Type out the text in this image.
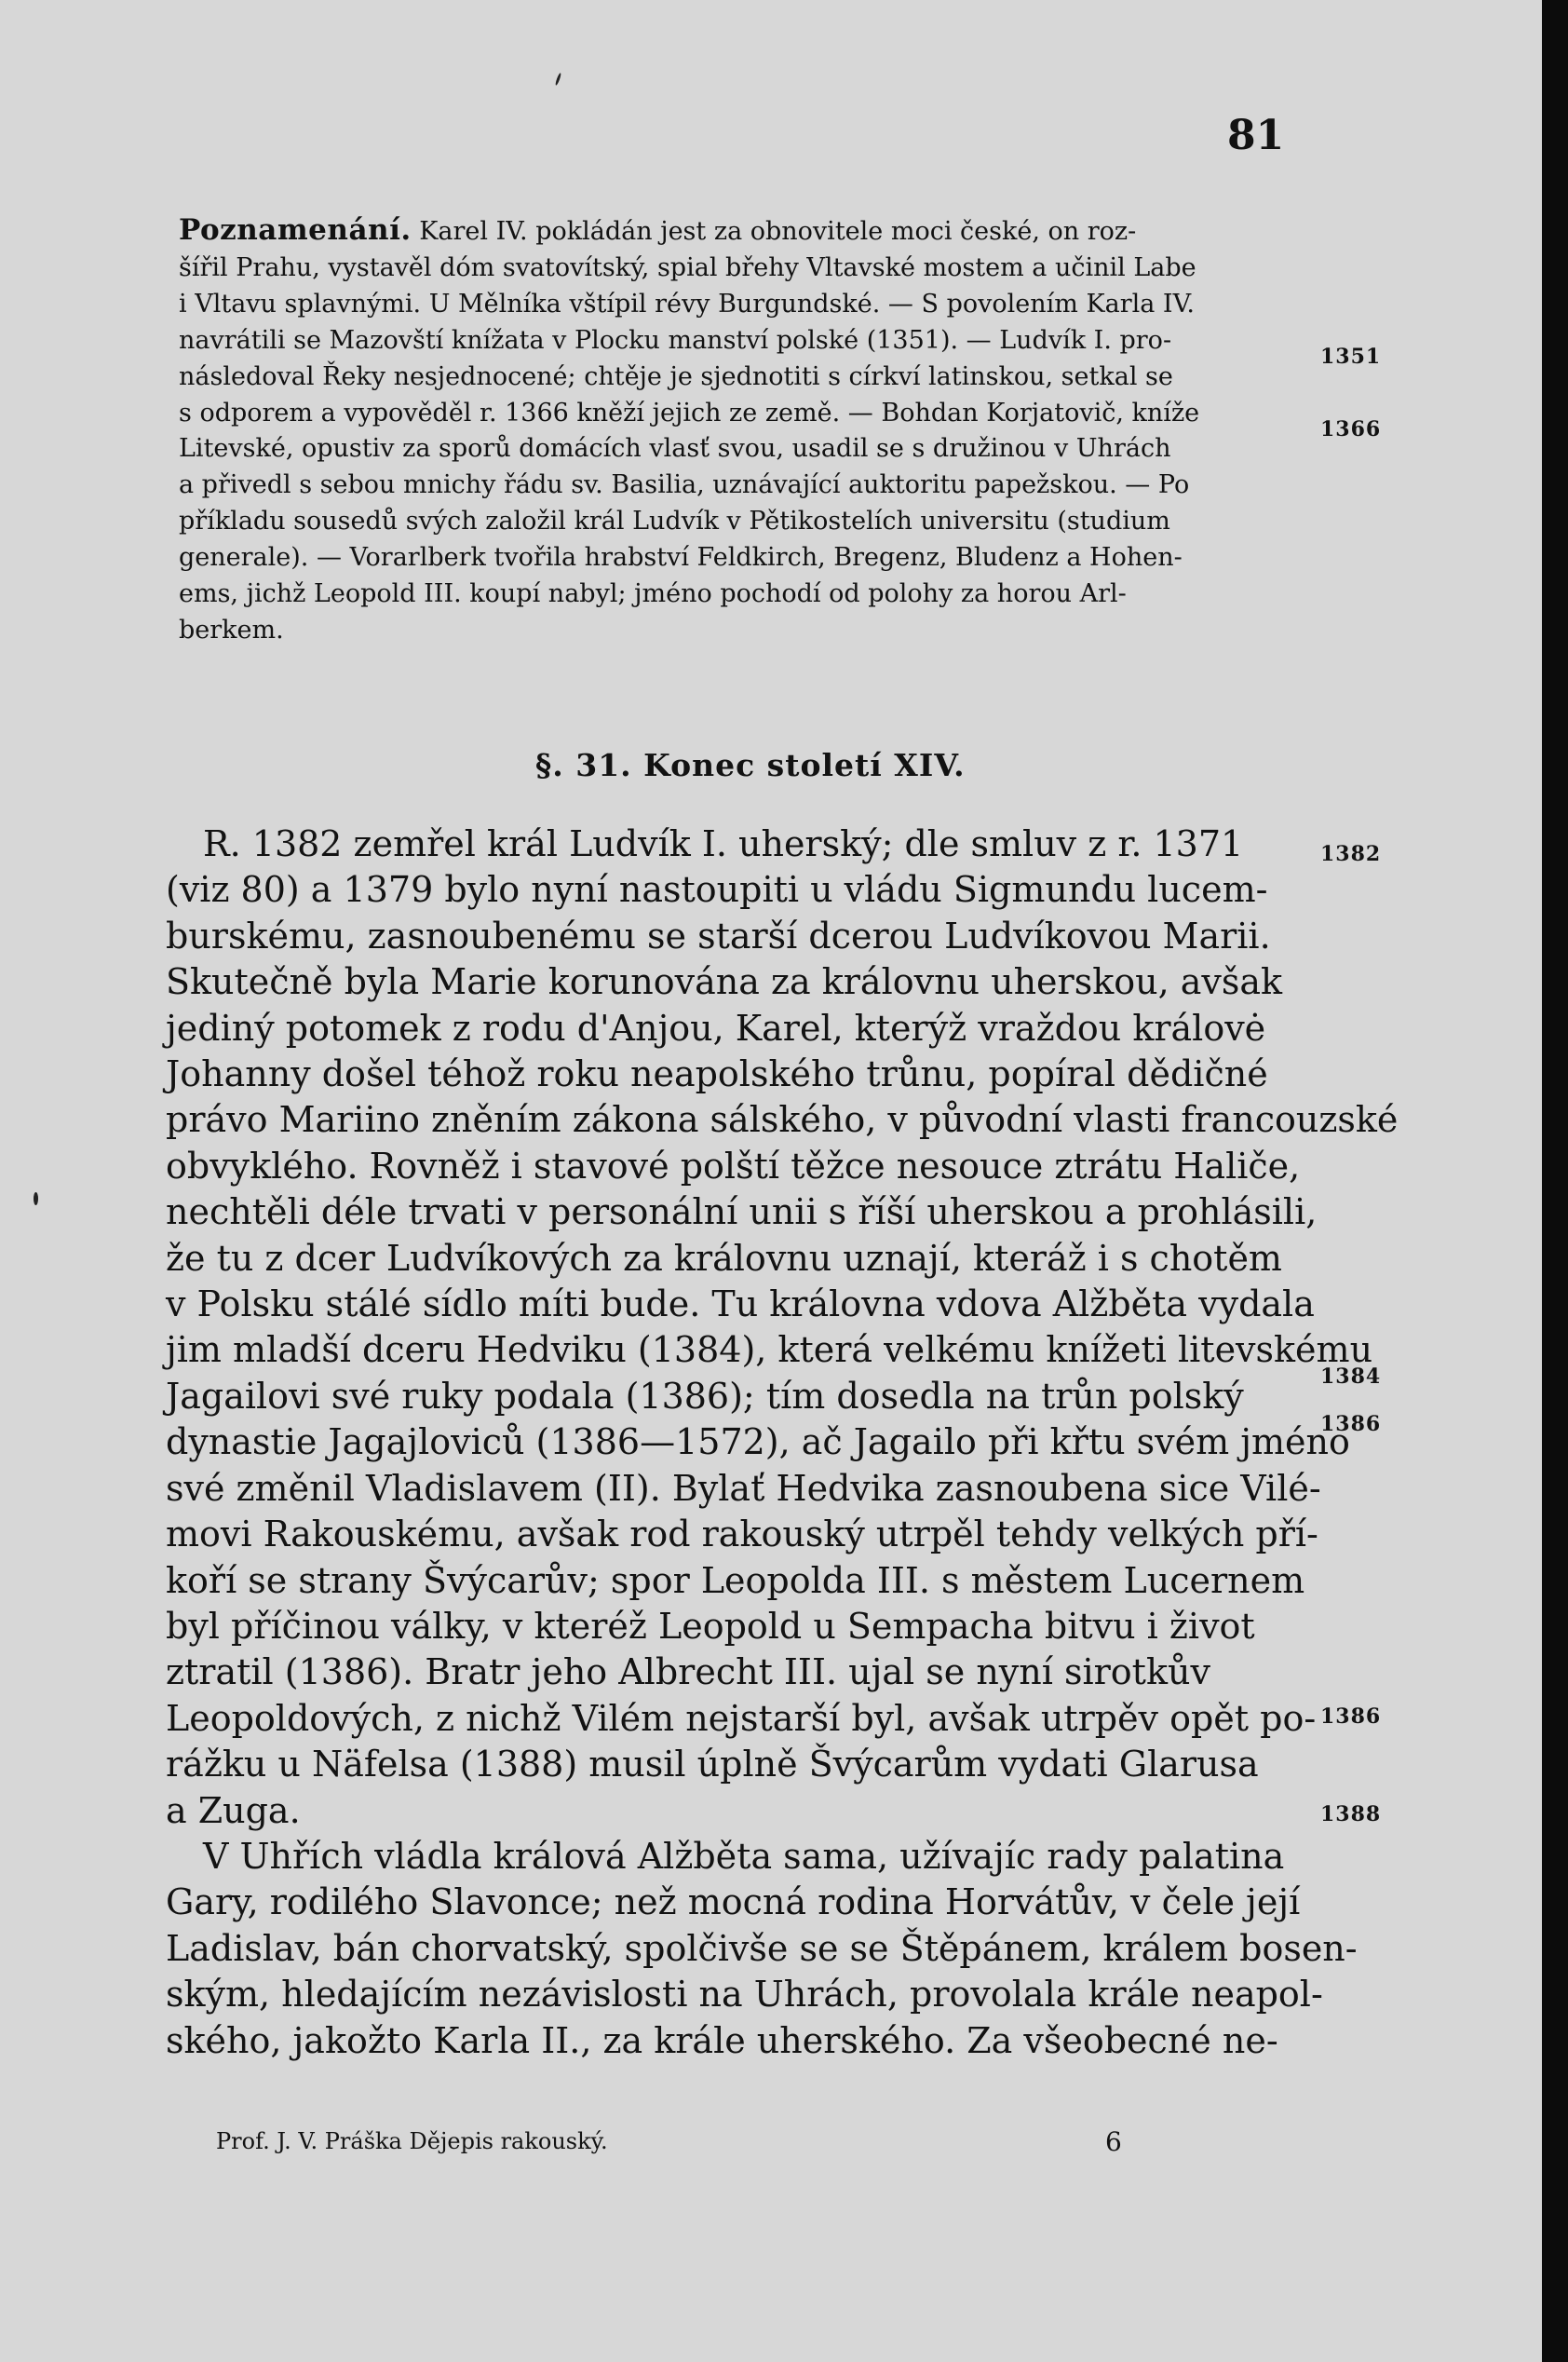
81
Poznamenání. Karel IV. pokládán jest za obnovitele moci české, on roz-
šířil Prahu, vystavěl dóm svatovítský, spial břehy Vltavské mostem a učinil Labe
i Vltavu splavnými. U Mělníka vštípil révy Burgundské. — S povolením Karla IV.
navrátili se Mazovští knížata v Plocku manství polské (1351). — Ludvík I. pro-
následoval Řeky nesjednocené; chtěje je sjednotiti s církví latinskou, setkal se
s odporem a vypověděl r. 1366 kněží jejich ze země. — Bohdan Korjatovič, kníže
Litevské, opustiv za sporů domácích vlasť svou, usadil se s družinou v Uhrách
a přivedl s sebou mnichy řádu sv. Basilia, uznávající auktoritu papežskou. — Po
příkladu sousedů svých založil král Ludvík v Pětikostelích universitu (studium
generale). — Vorarlberk tvořila hrabství Feldkirch, Bregenz, Bludenz a Hohen-
ems, jichž Leopold III. koupí nabyl; jméno pochodí od polohy za horou Arl-
berkem.
1351
1366
§. 31. Konec století XIV.
R. 1382 zemřel král Ludvík I. uherský; dle smluv z r. 1371
(viz 80) a 1379 bylo nyní nastoupiti u vládu Sigmundu lucem-
burskému, zasnoubenému se starší dcerou Ludvíkovou Marii.
Skutečně byla Marie korunována za královnu uherskou, avšak
jediný potomek z rodu d'Anjou, Karel, kterýž vraždou královė
Johanny došel téhož roku neapolského trůnu, popíral dědičné
právo Mariino zněním zákona sálského, v původní vlasti francouzské
obvyklého. Rovněž i stavové polští těžce nesouce ztrátu Haliče,
nechtěli déle trvati v personální unii s říší uherskou a prohlásili,
že tu z dcer Ludvíkových za královnu uznají, kteráž i s chotěm
v Polsku stálé sídlo míti bude. Tu královna vdova Alžběta vydala
jim mladší dceru Hedviku (1384), která velkému knížeti litevskému
Jagailovi své ruky podala (1386); tím dosedla na trůn polský
dynastie Jagajloviců (1386—1572), ač Jagailo při křtu svém jméno
své změnil Vladislavem (II). Bylať Hedvika zasnoubena sice Vilé-
movi Rakouskému, avšak rod rakouský utrpěl tehdy velkých pří-
koří se strany Švýcarův; spor Leopolda III. s městem Lucernem
byl příčinou války, v kteréž Leopold u Sempacha bitvu i život
ztratil (1386). Bratr jeho Albrecht III. ujal se nyní sirotkův
Leopoldových, z nichž Vilém nejstarší byl, avšak utrpěv opět po-
rážku u Näfelsa (1388) musil úplně Švýcarům vydati Glarusa
a Zuga.
V Uhřích vládla králová Alžběta sama, užívajíc rady palatina
Gary, rodilého Slavonce; než mocná rodina Horvátův, v čele její
Ladislav, bán chorvatský, spolčivše se se Štěpánem, králem bosen-
ským, hledajícím nezávislosti na Uhrách, provolala krále neapol-
ského, jakožto Karla II., za krále uherského. Za všeobecné ne-
1382
1384
1386
1386
1388
Prof. J. V. Práška Dějepis rakouský.	6
